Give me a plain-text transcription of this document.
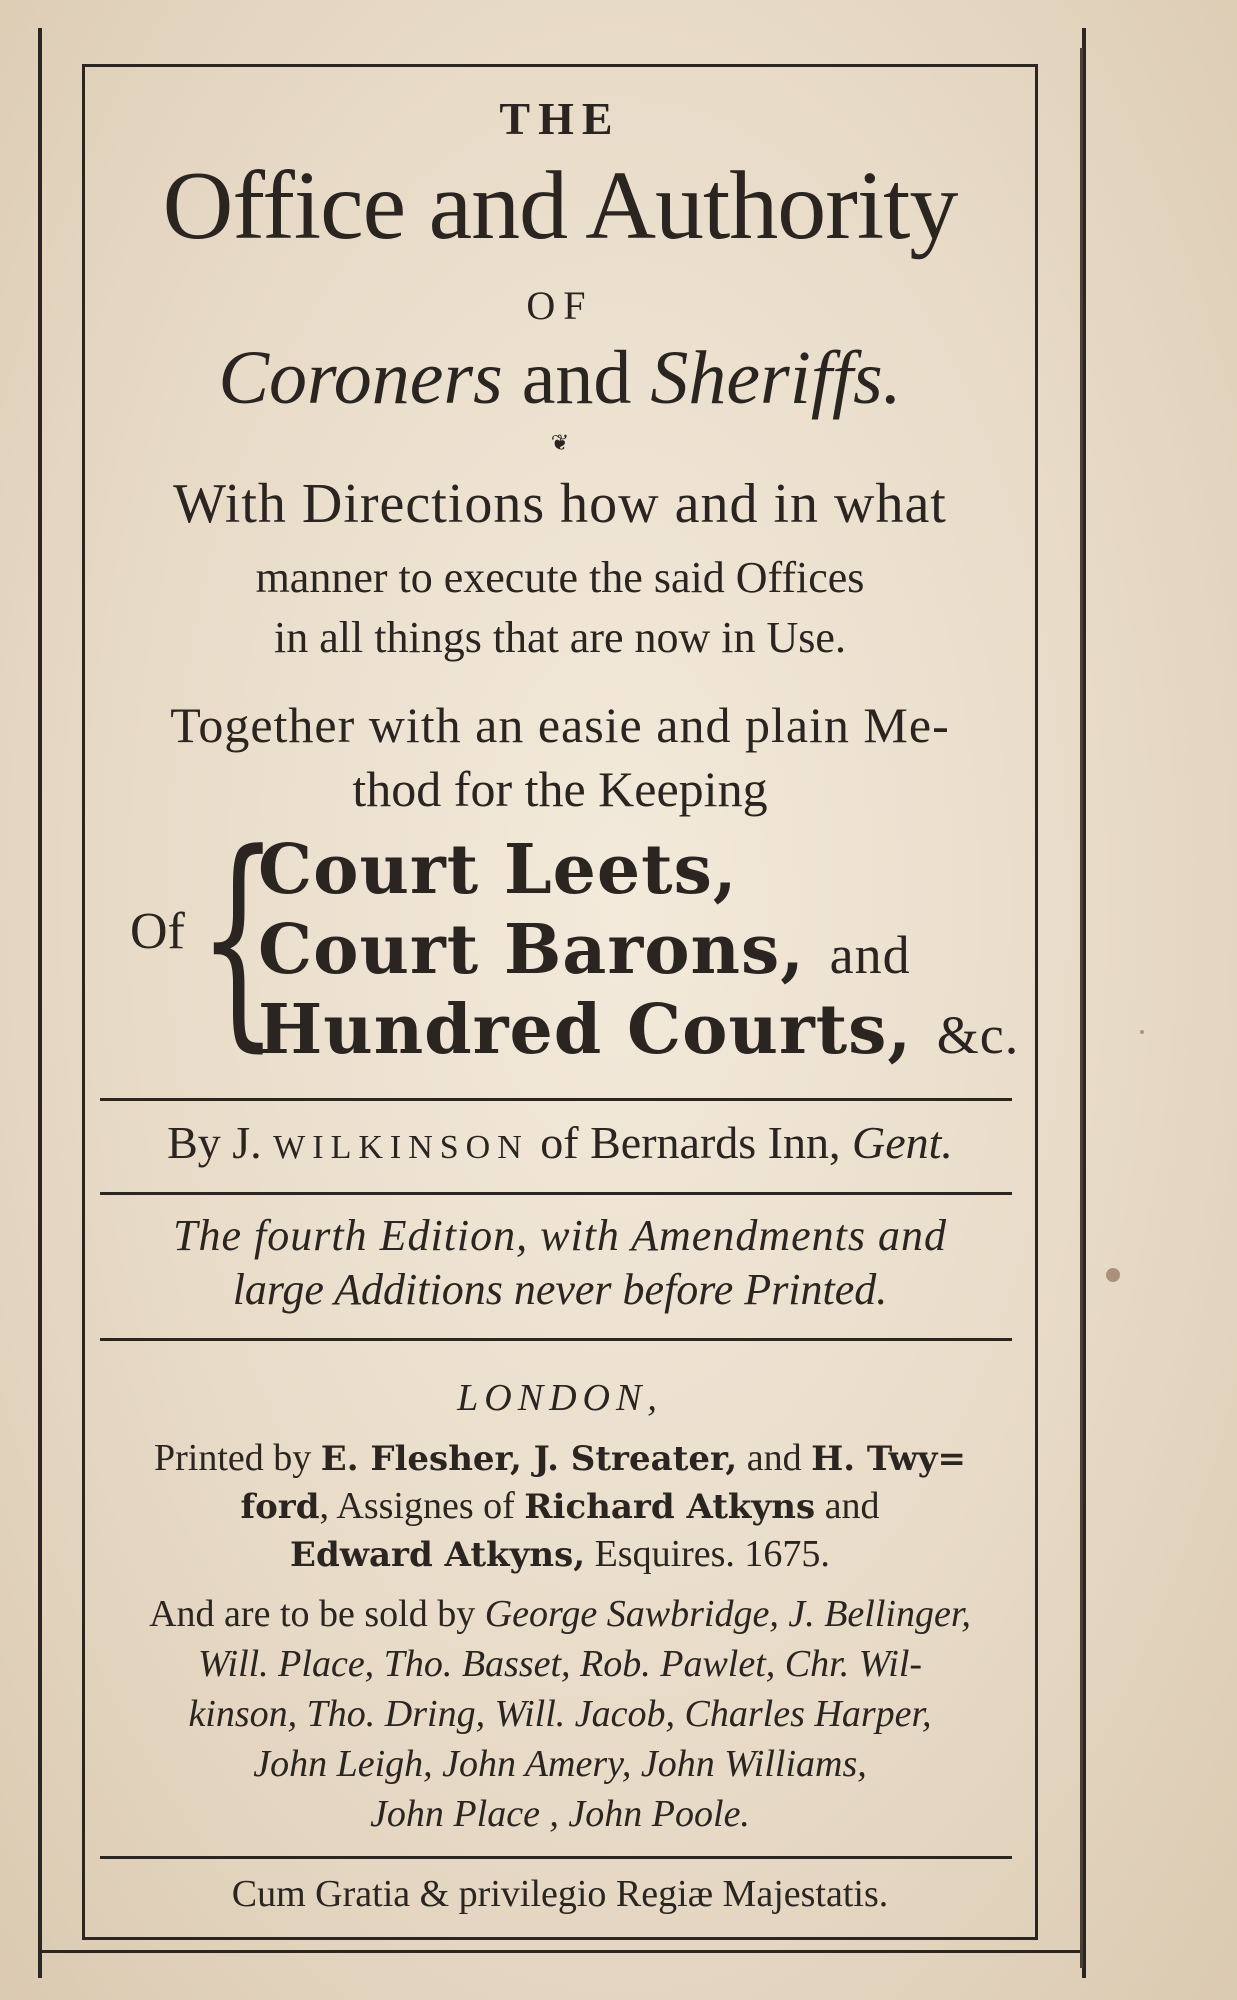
THE
Office and Authority
OF
Coroners and Sheriffs.
❦
With Directions how and in what
manner to execute the said Offices
in all things that are now in Use.
Together with an easie and plain Me-
thod for the Keeping
Of {
Court Leets,
Court Barons, and
Hundred Courts, &c.
By J. WILKINSON of Bernards Inn, Gent.
The fourth Edition, with Amendments and
large Additions never before Printed.
LONDON,
Printed by E. Flesher, J. Streater, and H. Twy=
ford, Assignes of Richard Atkyns and
Edward Atkyns, Esquires. 1675.
And are to be sold by George Sawbridge, J. Bellinger,
Will. Place, Tho. Basset, Rob. Pawlet, Chr. Wil-
kinson, Tho. Dring, Will. Jacob, Charles Harper,
John Leigh, John Amery, John Williams,
John Place , John Poole.
Cum Gratia & privilegio Regiæ Majestatis.
